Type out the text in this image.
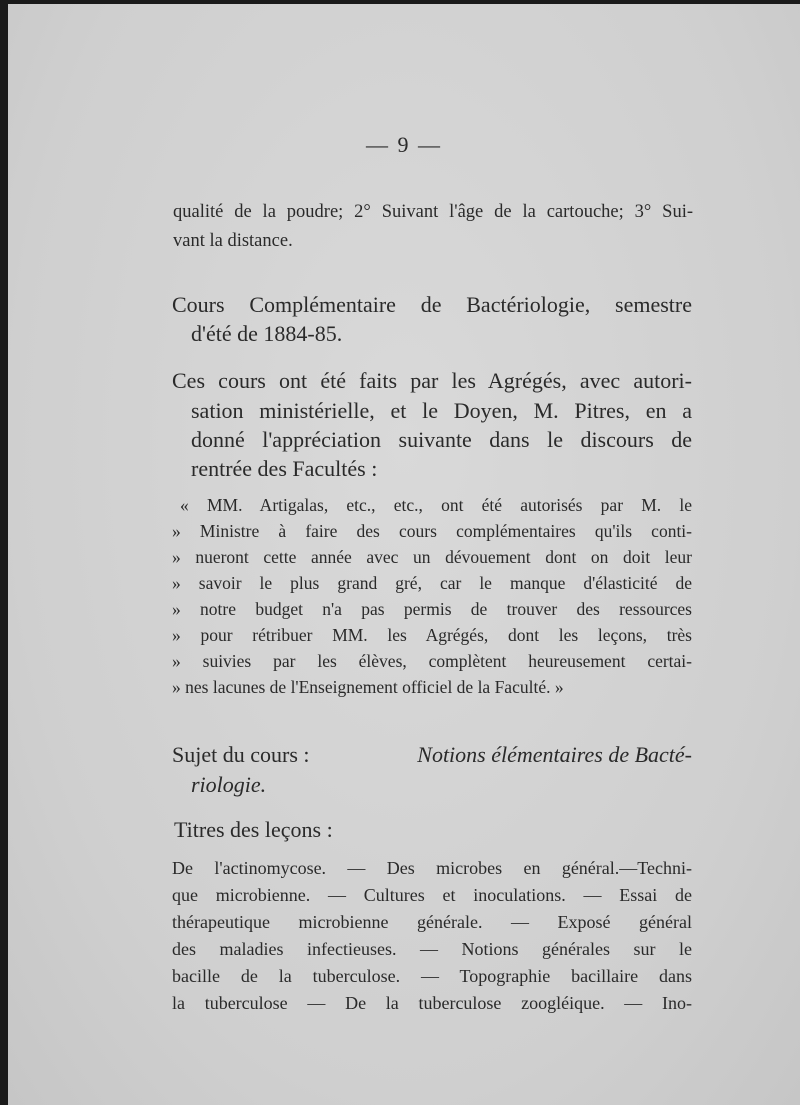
— 9 —
qualité de la poudre; 2° Suivant l'âge de la cartouche; 3° Sui-
vant la distance.
Cours Complémentaire de Bactériologie, semestre
d'été de 1884-85.
Ces cours ont été faits par les Agrégés, avec autori-
sation ministérielle, et le Doyen, M. Pitres, en a
donné l'appréciation suivante dans le discours de
rentrée des Facultés :
« MM. Artigalas, etc., etc., ont été autorisés par M. le
» Ministre à faire des cours complémentaires qu'ils conti-
» nueront cette année avec un dévouement dont on doit leur
» savoir le plus grand gré, car le manque d'élasticité de
» notre budget n'a pas permis de trouver des ressources
» pour rétribuer MM. les Agrégés, dont les leçons, très
» suivies par les élèves, complètent heureusement certai-
» nes lacunes de l'Enseignement officiel de la Faculté. »
Sujet du cours :	Notions élémentaires de Bacté-
riologie.
Titres des leçons :
De l'actinomycose. — Des microbes en général.—Techni-
que microbienne. — Cultures et inoculations. — Essai de
thérapeutique microbienne générale. — Exposé général
des maladies infectieuses. — Notions générales sur le
bacille de la tuberculose. — Topographie bacillaire dans
la tuberculose — De la tuberculose zoogléique. — Ino-
